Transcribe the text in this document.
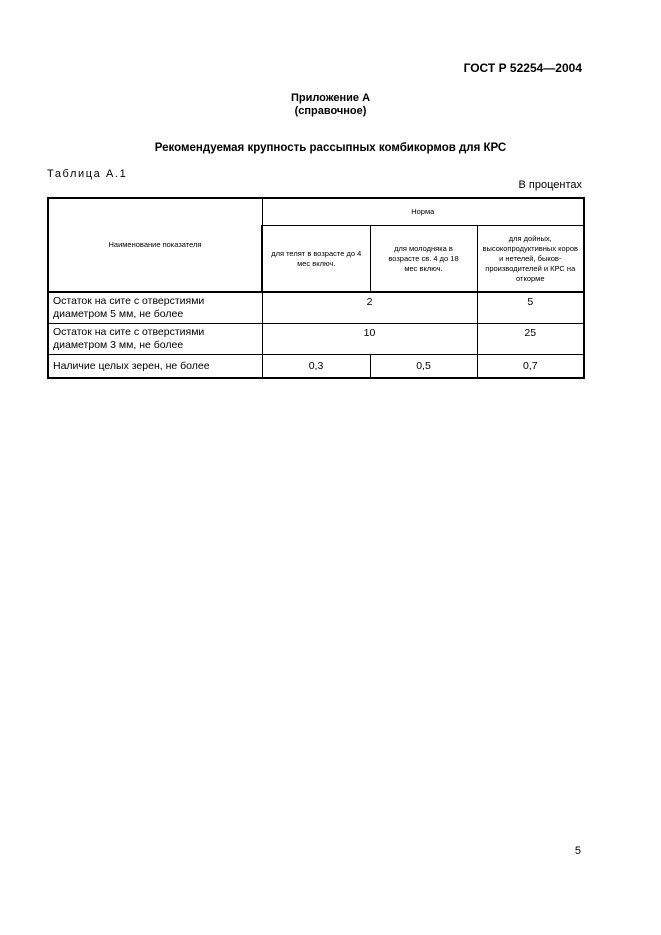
ГОСТ Р 52254—2004
Приложение А
(справочное)
Рекомендуемая крупность рассыпных комбикормов для КРС
Таблица А.1
В процентах
Наименование показателя	Норма		
	для телят в возрасте до 4 мес включ.	для молодняка в возрасте св. 4 до 18 мес включ.	для дойных, высокопродуктивных коров и нетелей, быков-производителей и КРС на откорме
Остаток на сите с отверстиями диаметром 5 мм, не более	2		5
Остаток на сите с отверстиями диаметром 3 мм, не более	10		25
Наличие целых зерен, не более	0,3	0,5	0,7
5
